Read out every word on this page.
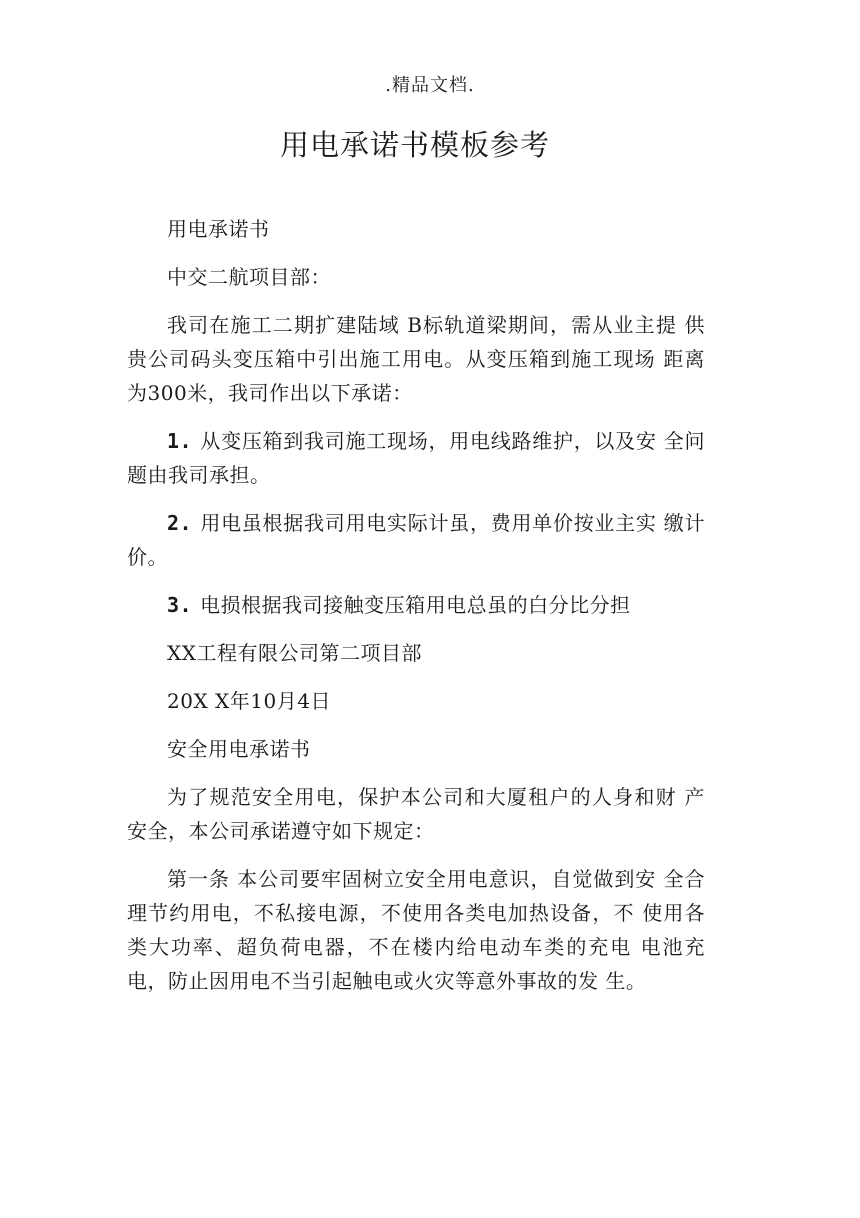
.精品文档.
用电承诺书模板参考

用电承诺书

中交二航项目部：

我司在施工二期扩建陆域 B标轨道梁期间，需从业主提 供贵公司码头变压箱中引出施工用电。从变压箱到施工现场 距离为300米，我司作出以下承诺：

1. 从变压箱到我司施工现场，用电线路维护，以及安 全问题由我司承担。

2. 用电虽根据我司用电实际计虽，费用单价按业主实 缴计价。

3. 电损根据我司接触变压箱用电总虽的白分比分担

XX工程有限公司第二项目部

20X X年10月4日

安全用电承诺书

为了规范安全用电，保护本公司和大厦租户的人身和财 产安全，本公司承诺遵守如下规定：

第一条 本公司要牢固树立安全用电意识，自觉做到安 全合理节约用电，不私接电源，不使用各类电加热设备，不 使用各类大功率、超负荷电器，不在楼内给电动车类的充电 电池充电，防止因用电不当引起触电或火灾等意外事故的发 生。
